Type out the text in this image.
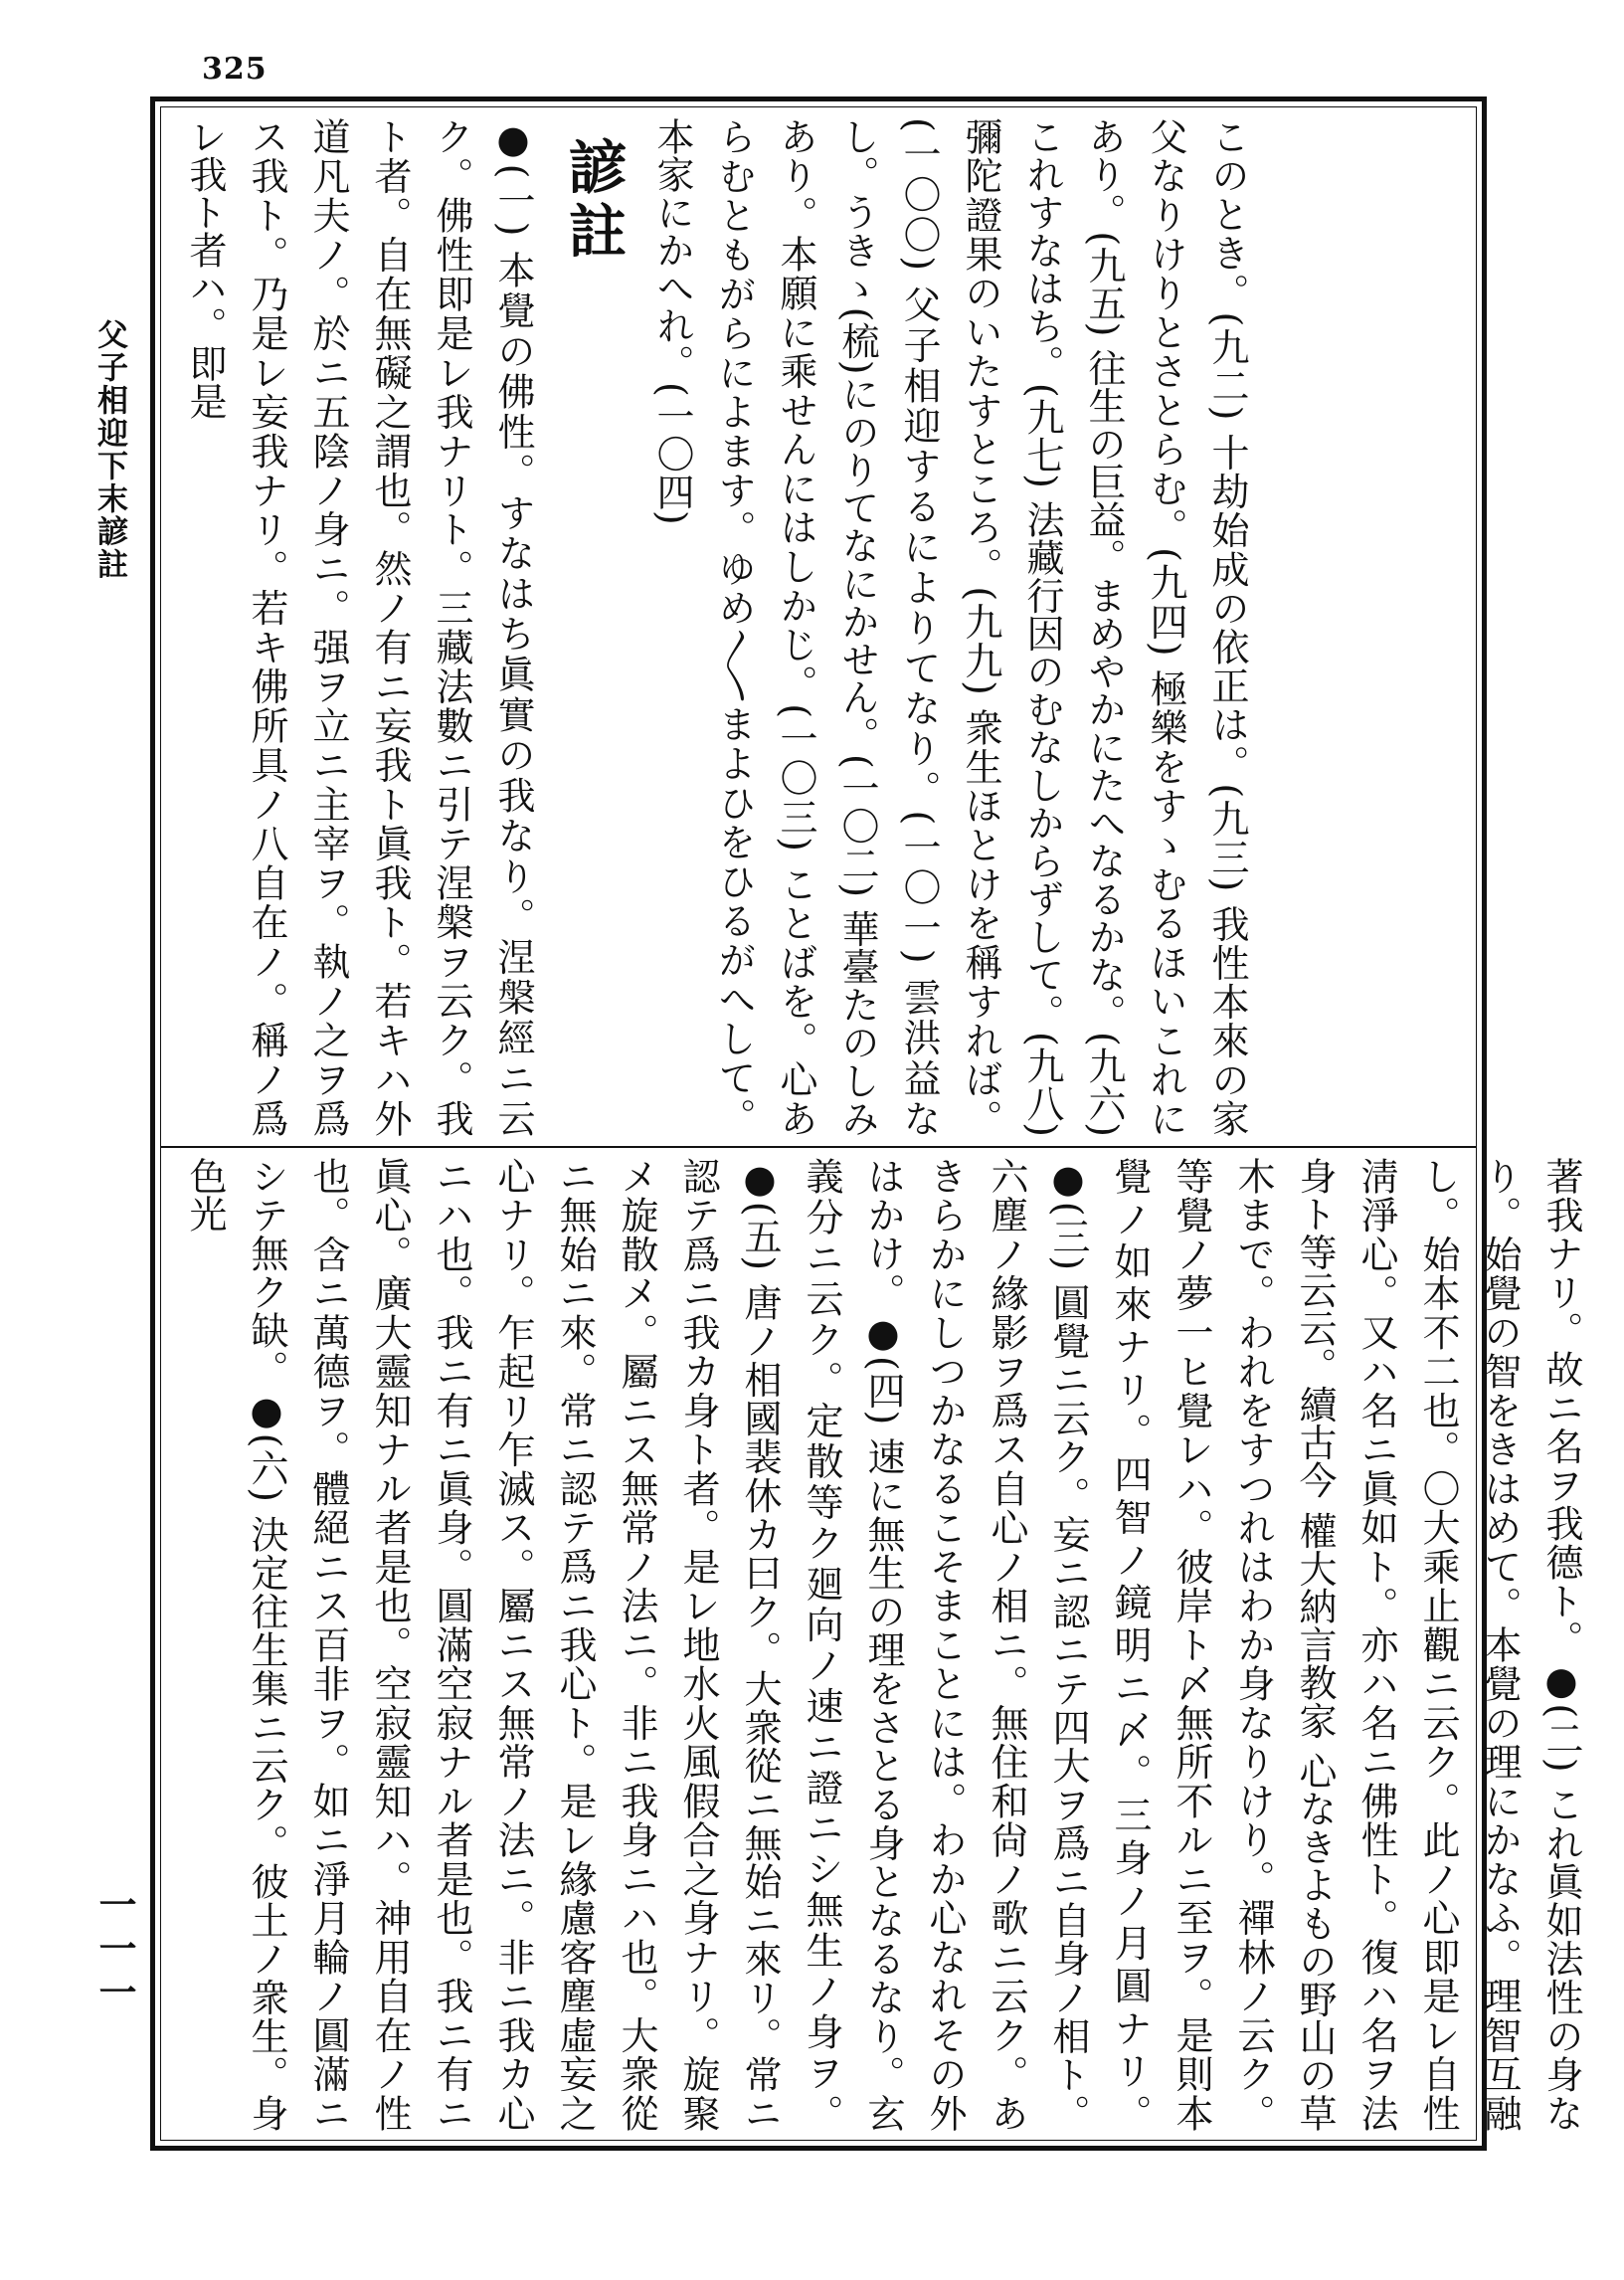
325
父子相迎下末諺註
一一一

このとき。(九二) 十劫始成の依正は。(九三) 我性本來の家父なりけりとさとらむ。(九四) 極樂をすゝむるほいこれにあり。(九五) 往生の巨益。まめやかにたへなるかな。(九六) これすなはち。(九七) 法藏行因のむなしからずして。(九八) 彌陀證果のいたすところ。(九九) 衆生ほとけを稱すれば。(一〇〇) 父子相迎するによりてなり。(一〇一) 雲洪益なし。うきゝ(梳)にのりてなにかせん。(一〇二) 華臺たのしみあり。本願に乘せんにはしかじ。(一〇三) ことばを。心あらむともがらによます。ゆめ〳〵まよひをひるがへして。本家にかへれ。(一〇四)

諺註

●(一) 本覺の佛性。すなはち眞實の我なり。涅槃經ニ云ク。佛性即是レ我ナリト。三藏法數ニ引テ涅槃ヲ云ク。我ト者。自在無礙之謂也。然ノ有ニ妄我ト眞我ト。若キハ外道凡夫ノ。於ニ五陰ノ身ニ。强ヲ立ニ主宰ヲ。執ノ之ヲ爲ス我ト。乃是レ妄我ナリ。若キ佛所具ノ八自在ノ。稱ノ爲レ我ト者ハ。即是

著我ナリ。故ニ名ヲ我德ト。●(二) これ眞如法性の身なり。始覺の智をきはめて。本覺の理にかなふ。理智互融し。始本不二也。〇大乘止觀ニ云ク。此ノ心即是レ自性淸淨心。又ハ名ニ眞如ト。亦ハ名ニ佛性ト。復ハ名ヲ法身ト等云云。續古今 權大納言教家 心なきよもの野山の草木まで。われをすつれはわか身なりけり。禪林ノ云ク。等覺ノ夢一ヒ覺レハ。彼岸ト〆無所不ルニ至ヲ。是則本覺ノ如來ナリ。四智ノ鏡明ニ〆。三身ノ月圓ナリ。●(三) 圓覺ニ云ク。妄ニ認ニテ四大ヲ爲ニ自身ノ相ト。六塵ノ緣影ヲ爲ス自心ノ相ニ。無住和尙ノ歌ニ云ク。あきらかにしつかなるこそまことには。わか心なれその外はかけ。●(四) 速に無生の理をさとる身となるなり。玄義分ニ云ク。定散等ク廻向ノ速ニ證ニシ無生ノ身ヲ。●(五) 唐ノ相國裴休カ曰ク。大衆從ニ無始ニ來リ。常ニ認テ爲ニ我カ身ト者。是レ地水火風假合之身ナリ。旋聚メ旋散メ。屬ニス無常ノ法ニ。非ニ我身ニハ也。大衆從ニ無始ニ來。常ニ認テ爲ニ我心ト。是レ緣慮客塵虛妄之心ナリ。乍起リ乍滅ス。屬ニス無常ノ法ニ。非ニ我カ心ニハ也。我ニ有ニ眞身。圓滿空寂ナル者是也。我ニ有ニ眞心。廣大靈知ナル者是也。空寂靈知ハ。神用自在ノ性也。含ニ萬德ヲ。體絕ニス百非ヲ。如ニ淨月輪ノ圓滿ニシテ無ク缺。●(六) 決定往生集ニ云ク。彼土ノ衆生。身色光
